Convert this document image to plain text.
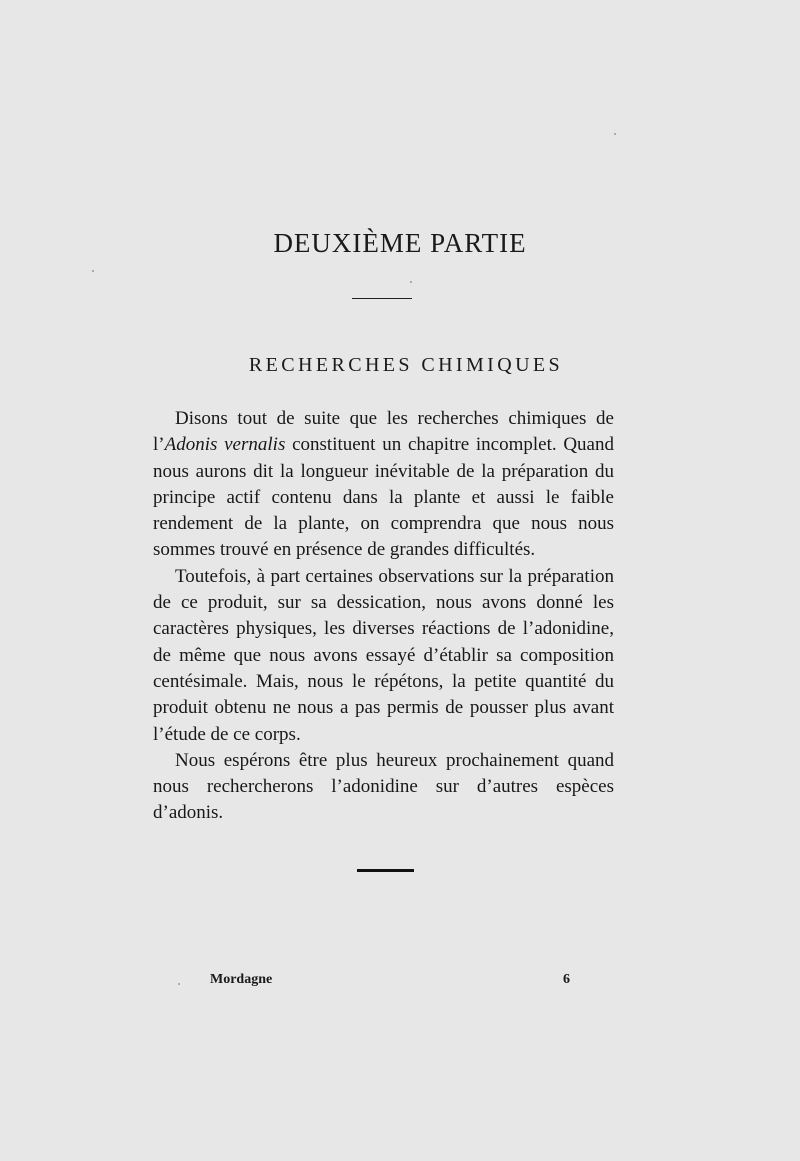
DEUXIÈME PARTIE
RECHERCHES CHIMIQUES

Disons tout de suite que les recherches chimiques de l’Adonis vernalis constituent un chapitre incomplet. Quand nous aurons dit la longueur inévitable de la préparation du principe actif contenu dans la plante et aussi le faible rendement de la plante, on comprendra que nous nous sommes trouvé en présence de grandes difficultés.

Toutefois, à part certaines observations sur la préparation de ce produit, sur sa dessication, nous avons donné les caractères physiques, les diverses réactions de l’adonidine, de même que nous avons essayé d’établir sa composition centésimale. Mais, nous le répétons, la petite quantité du produit obtenu ne nous a pas permis de pousser plus avant l’étude de ce corps.

Nous espérons être plus heureux prochainement quand nous rechercherons l’adonidine sur d’autres espèces d’adonis.

Mordagne	6
